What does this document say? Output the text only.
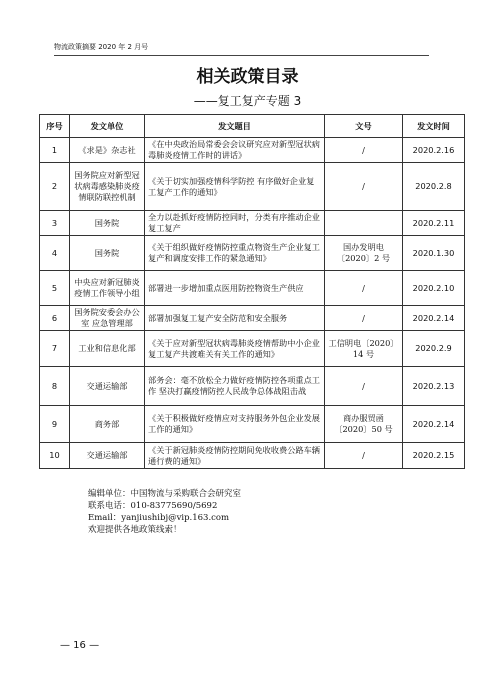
物流政策摘要 2020 年 2 月号
相关政策目录
——复工复产专题 3
序号	发文单位	发文题目	文号	发文时间
1	《求是》杂志社	《在中央政治局常委会会议研究应对新型冠状病毒肺炎疫情工作时的讲话》	/	2020.2.16
2	国务院应对新型冠状病毒感染肺炎疫情联防联控机制	《关于切实加强疫情科学防控 有序做好企业复工复产工作的通知》	/	2020.2.8
3	国务院	全力以赴抓好疫情防控同时，分类有序推动企业复工复产		2020.2.11
4	国务院	《关于组织做好疫情防控重点物资生产企业复工复产和调度安排工作的紧急通知》	国办发明电〔2020〕2 号	2020.1.30
5	中央应对新冠肺炎疫情工作领导小组	部署进一步增加重点医用防控物资生产供应	/	2020.2.10
6	国务院安委会办公室 应急管理部	部署加强复工复产安全防范和安全服务	/	2020.2.14
7	工业和信息化部	《关于应对新型冠状病毒肺炎疫情帮助中小企业复工复产共渡难关有关工作的通知》	工信明电〔2020〕14 号	2020.2.9
8	交通运输部	部务会：毫不放松全力做好疫情防控各项重点工作 坚决打赢疫情防控人民战争总体战阻击战	/	2020.2.13
9	商务部	《关于积极做好疫情应对支持服务外包企业发展工作的通知》	商办服贸函〔2020〕50 号	2020.2.14
10	交通运输部	《关于新冠肺炎疫情防控期间免收收费公路车辆通行费的通知》	/	2020.2.15
编辑单位：中国物流与采购联合会研究室
联系电话：010-83775690/5692
Email：yanjiushibj@vip.163.com
欢迎提供各地政策线索！
— 16 —
